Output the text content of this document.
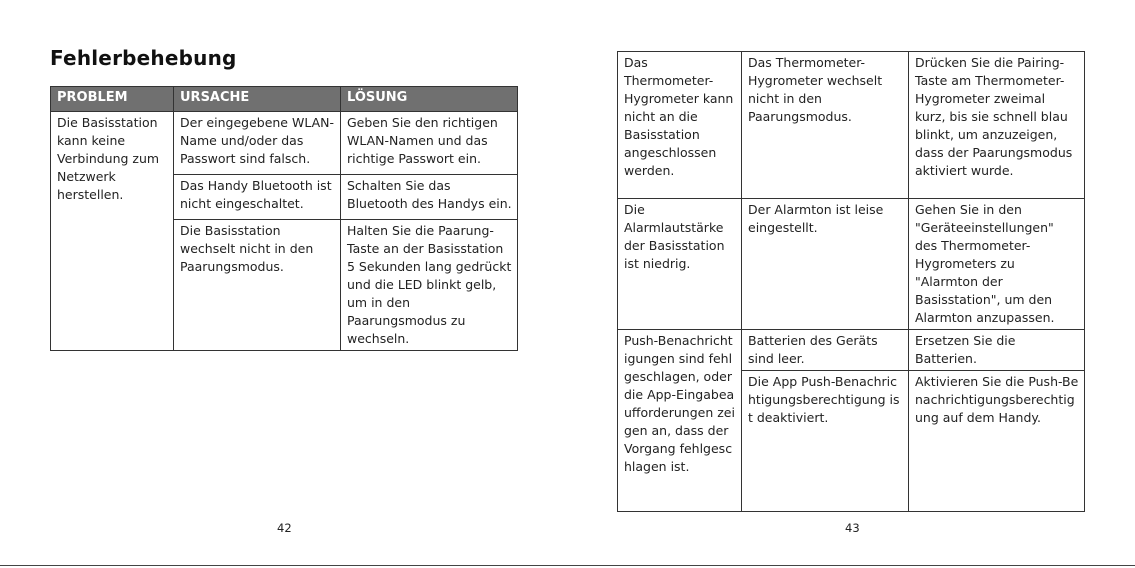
Fehlerbehebung
PROBLEM	URSACHE	LÖSUNG
Die Basisstation kann keine Verbindung zum Netzwerk herstellen.	Der eingegebene WLAN-Name und/oder das Passwort sind falsch.	Geben Sie den richtigen WLAN-Namen und das richtige Passwort ein.
	Das Handy Bluetooth ist nicht eingeschaltet.	Schalten Sie das Bluetooth des Handys ein.
	Die Basisstation wechselt nicht in den Paarungsmodus.	Halten Sie die Paarung-Taste an der Basisstation 5 Sekunden lang gedrückt und die LED blinkt gelb, um in den Paarungsmodus zu wechseln.
42
Das Thermometer-Hygrometer kann nicht an die Basisstation angeschlossen werden.	Das Thermometer-Hygrometer wechselt nicht in den Paarungsmodus.	Drücken Sie die Pairing-Taste am Thermometer-Hygrometer zweimal kurz, bis sie schnell blau blinkt, um anzuzeigen, dass der Paarungsmodus aktiviert wurde.
Die Alarmlautstärke der Basisstation ist niedrig.	Der Alarmton ist leise eingestellt.	Gehen Sie in den "Geräteeinstellungen" des Thermometer-Hygrometers zu "Alarmton der Basisstation", um den Alarmton anzupassen.
Push-Benachrichtigungen sind fehlgeschlagen, oder die App-Eingabeaufforderungen zeigen an, dass der Vorgang fehlgeschlagen ist.	Batterien des Geräts sind leer.	Ersetzen Sie die Batterien.
	Die App Push-Benachrichtigungsberechtigung ist deaktiviert.	Aktivieren Sie die Push-Benachrichtigungsberechtigung auf dem Handy.
43
